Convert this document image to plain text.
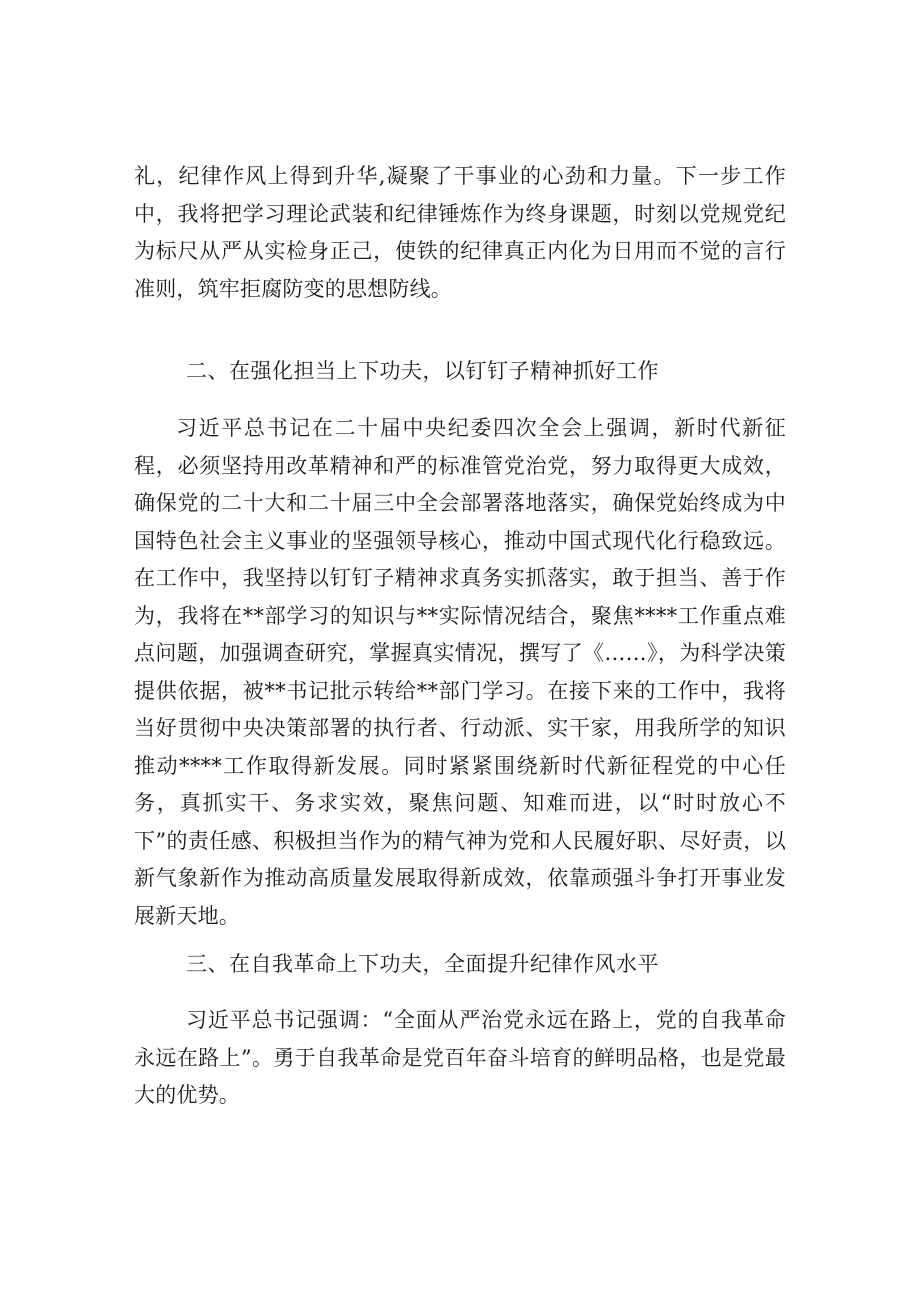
礼，纪律作风上得到升华,凝聚了干事业的心劲和力量。下一步工作中，我将把学习理论武装和纪律锤炼作为终身课题，时刻以党规党纪为标尺从严从实检身正己，使铁的纪律真正内化为日用而不觉的言行准则，筑牢拒腐防变的思想防线。

二、在强化担当上下功夫，以钉钉子精神抓好工作

习近平总书记在二十届中央纪委四次全会上强调，新时代新征程，必须坚持用改革精神和严的标准管党治党，努力取得更大成效，确保党的二十大和二十届三中全会部署落地落实，确保党始终成为中国特色社会主义事业的坚强领导核心，推动中国式现代化行稳致远。在工作中，我坚持以钉钉子精神求真务实抓落实，敢于担当、善于作为，我将在**部学习的知识与**实际情况结合，聚焦****工作重点难点问题，加强调查研究，掌握真实情况，撰写了《……》，为科学决策提供依据，被**书记批示转给**部门学习。在接下来的工作中，我将当好贯彻中央决策部署的执行者、行动派、实干家，用我所学的知识推动****工作取得新发展。同时紧紧围绕新时代新征程党的中心任务，真抓实干、务求实效，聚焦问题、知难而进，以“时时放心不下”的责任感、积极担当作为的精气神为党和人民履好职、尽好责，以新气象新作为推动高质量发展取得新成效，依靠顽强斗争打开事业发展新天地。

三、在自我革命上下功夫，全面提升纪律作风水平

习近平总书记强调：“全面从严治党永远在路上，党的自我革命永远在路上”。勇于自我革命是党百年奋斗培育的鲜明品格，也是党最大的优势。
